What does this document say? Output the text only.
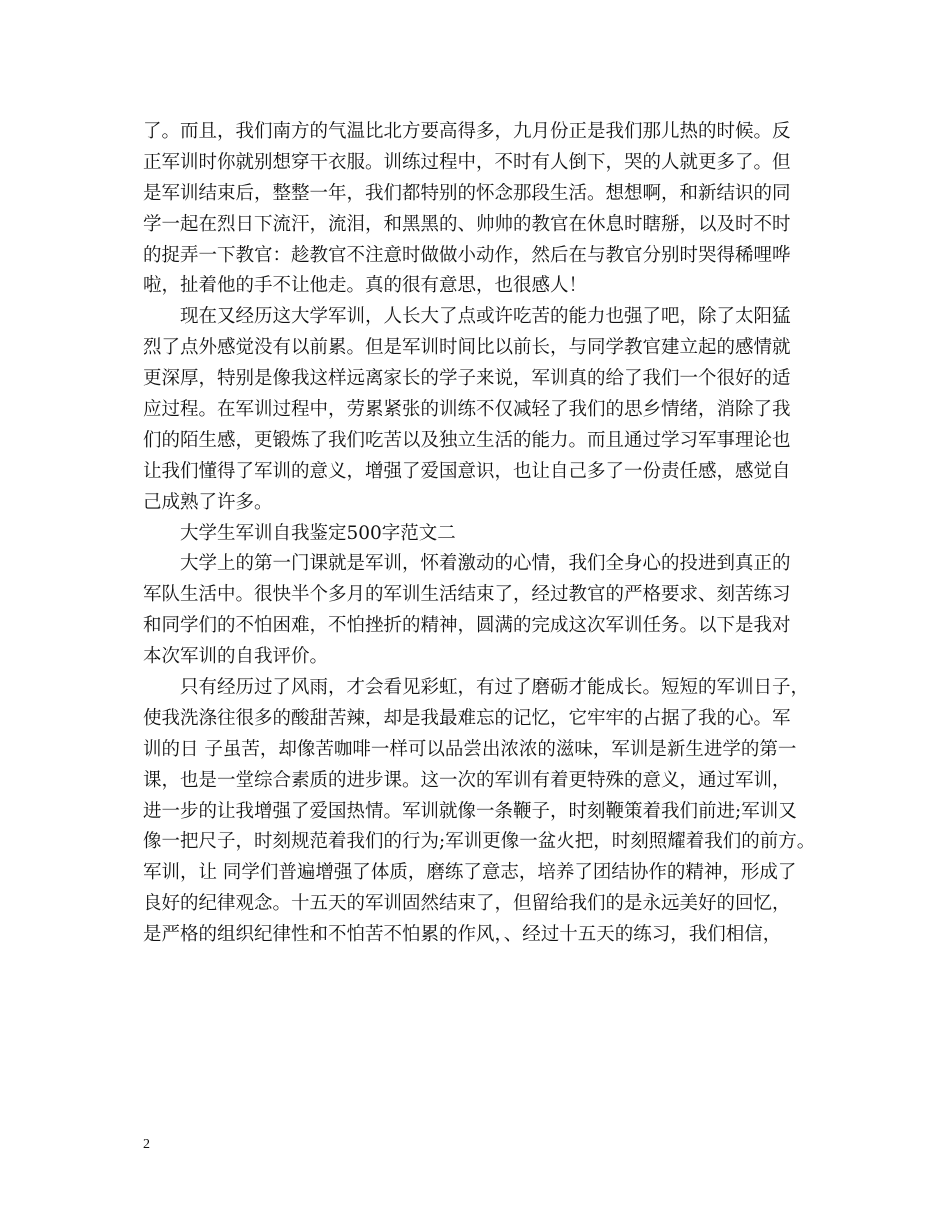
了。而且，我们南方的气温比北方要高得多，九月份正是我们那儿热的时候。反
正军训时你就别想穿干衣服。训练过程中，不时有人倒下，哭的人就更多了。但
是军训结束后，整整一年，我们都特别的怀念那段生活。想想啊，和新结识的同
学一起在烈日下流汗，流泪，和黑黑的、帅帅的教官在休息时瞎掰，以及时不时
的捉弄一下教官：趁教官不注意时做做小动作，然后在与教官分别时哭得稀哩哗
啦，扯着他的手不让他走。真的很有意思，也很感人！
现在又经历这大学军训，人长大了点或许吃苦的能力也强了吧，除了太阳猛
烈了点外感觉没有以前累。但是军训时间比以前长，与同学教官建立起的感情就
更深厚，特别是像我这样远离家长的学子来说，军训真的给了我们一个很好的适
应过程。在军训过程中，劳累紧张的训练不仅减轻了我们的思乡情绪，消除了我
们的陌生感，更锻炼了我们吃苦以及独立生活的能力。而且通过学习军事理论也
让我们懂得了军训的意义，增强了爱国意识，也让自己多了一份责任感，感觉自
己成熟了许多。
大学生军训自我鉴定500字范文二
大学上的第一门课就是军训，怀着激动的心情，我们全身心的投进到真正的
军队生活中。很快半个多月的军训生活结束了，经过教官的严格要求、刻苦练习
和同学们的不怕困难，不怕挫折的精神，圆满的完成这次军训任务。以下是我对
本次军训的自我评价。
只有经历过了风雨，才会看见彩虹，有过了磨砺才能成长。短短的军训日子，
使我洗涤往很多的酸甜苦辣，却是我最难忘的记忆，它牢牢的占据了我的心。军
训的日 子虽苦，却像苦咖啡一样可以品尝出浓浓的滋味，军训是新生进学的第一
课，也是一堂综合素质的进步课。这一次的军训有着更特殊的意义，通过军训，
进一步的让我增强了爱国热情。军训就像一条鞭子，时刻鞭策着我们前进;军训又
像一把尺子，时刻规范着我们的行为;军训更像一盆火把，时刻照耀着我们的前方。
军训，让 同学们普遍增强了体质，磨练了意志，培养了团结协作的精神，形成了
良好的纪律观念。十五天的军训固然结束了，但留给我们的是永远美好的回忆，
是严格的组织纪律性和不怕苦不怕累的作风，、经过十五天的练习，我们相信，
2
